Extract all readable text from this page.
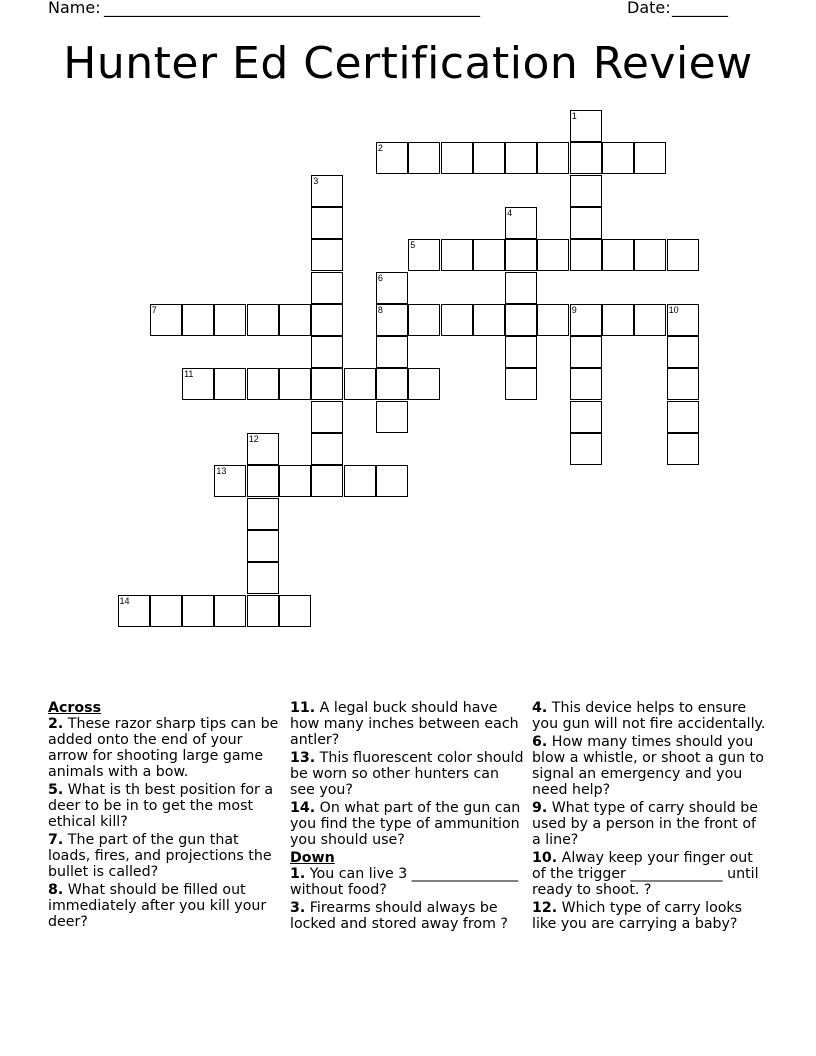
Name: _______________________________________________	Date: _______
Hunter Ed Certification Review
2
5
7	8	9	10
11
13
14
1
3
4
6
12
Across
2. These razor sharp tips can be added onto the end of your arrow for shooting large game animals with a bow.
5. What is th best position for a deer to be in to get the most ethical kill?
7. The part of the gun that loads, fires, and projections the bullet is called?
8. What should be filled out immediately after you kill your deer?
11. A legal buck should have how many inches between each antler?
13. This fluorescent color should be worn so other hunters can see you?
14. On what part of the gun can you find the type of ammunition you should use?
Down
1. You can live 3 _______________ without food?
3. Firearms should always be locked and stored away from ?
4. This device helps to ensure you gun will not fire accidentally.
6. How many times should you blow a whistle, or shoot a gun to signal an emergency and you need help?
9. What type of carry should be used by a person in the front of a line?
10. Alway keep your finger out of the trigger _____________ until ready to shoot. ?
12. Which type of carry looks like you are carrying a baby?
